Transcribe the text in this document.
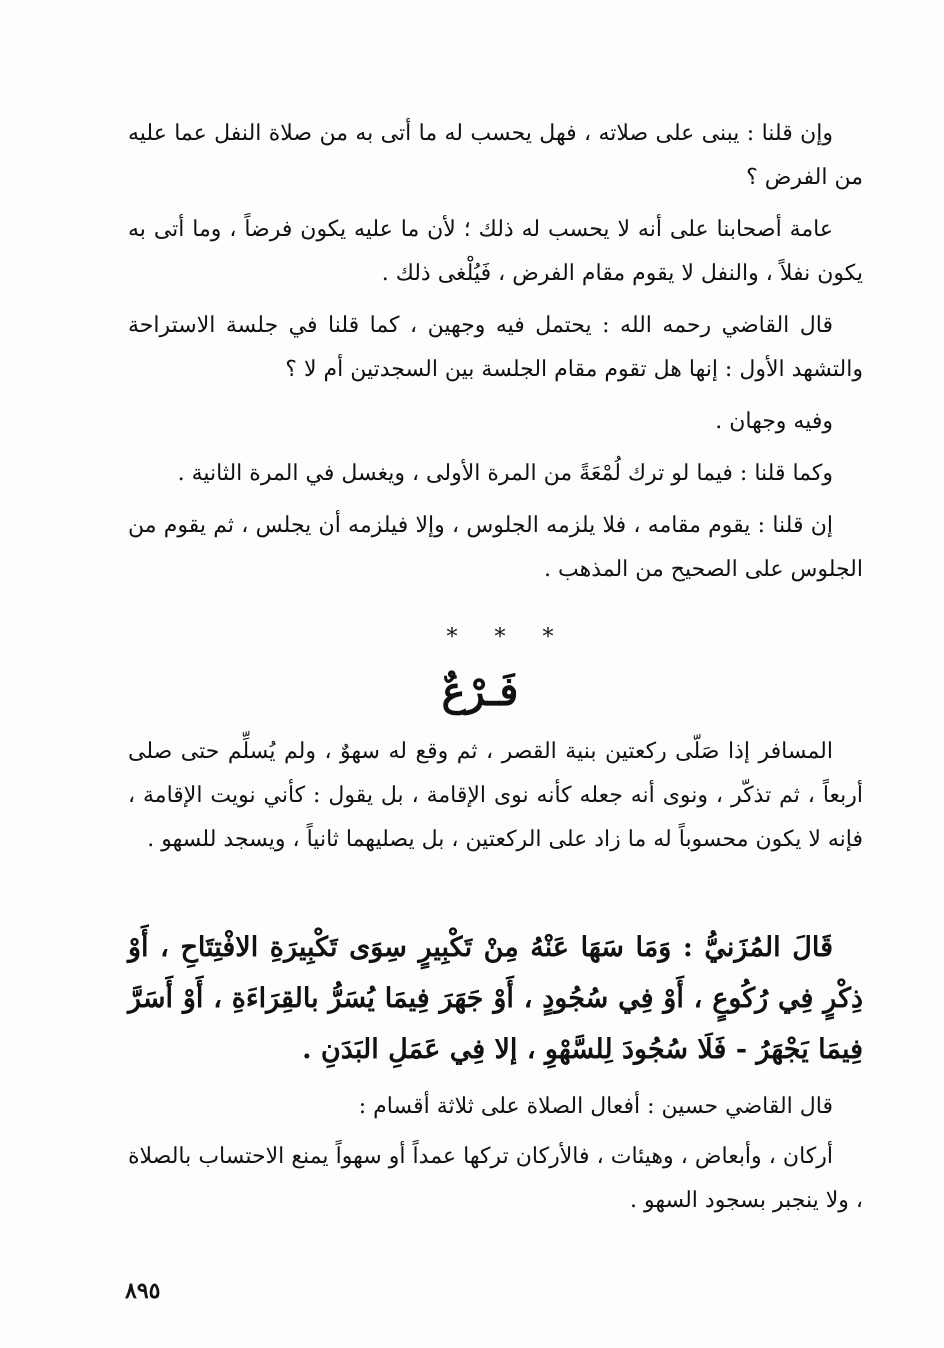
وإن قلنا : يبنى على صلاته ، فهل يحسب له ما أتى به من صلاة النفل عما عليه من الفرض ؟

عامة أصحابنا على أنه لا يحسب له ذلك ؛ لأن ما عليه يكون فرضاً ، وما أتى به يكون نفلاً ، والنفل لا يقوم مقام الفرض ، فَيُلْغى ذلك .

قال القاضي رحمه الله : يحتمل فيه وجهين ، كما قلنا في جلسة الاستراحة والتشهد الأول : إنها هل تقوم مقام الجلسة بين السجدتين أم لا ؟

وفيه وجهان .

وكما قلنا : فيما لو ترك لُمْعَةً من المرة الأولى ، ويغسل في المرة الثانية .

إن قلنا : يقوم مقامه ، فلا يلزمه الجلوس ، وإلا فيلزمه أن يجلس ، ثم يقوم من الجلوس على الصحيح من المذهب .

* * *
فَـرْعٌ

المسافر إذا صَلّى ركعتين بنية القصر ، ثم وقع له سهوٌ ، ولم يُسلِّم حتى صلى أربعاً ، ثم تذكّر ، ونوى أنه جعله كأنه نوى الإقامة ، بل يقول : كأني نويت الإقامة ، فإنه لا يكون محسوباً له ما زاد على الركعتين ، بل يصليهما ثانياً ، ويسجد للسهو .

قَالَ المُزَنيُّ : وَمَا سَهَا عَنْهُ مِنْ تَكْبِيرٍ سِوَى تَكْبِيرَةِ الافْتِتَاحِ ، أَوْ ذِكْرٍ فِي رُكُوعٍ ، أَوْ فِي سُجُودٍ ، أَوْ جَهَرَ فِيمَا يُسَرُّ بالقِرَاءَةِ ، أَوْ أَسَرَّ فِيمَا يَجْهَرُ - فَلَا سُجُودَ لِلسَّهْوِ ، إلا فِي عَمَلِ البَدَنِ .

قال القاضي حسين : أفعال الصلاة على ثلاثة أقسام :

أركان ، وأبعاض ، وهيئات ، فالأركان تركها عمداً أو سهواً يمنع الاحتساب بالصلاة ، ولا ينجبر بسجود السهو .

٨٩٥
